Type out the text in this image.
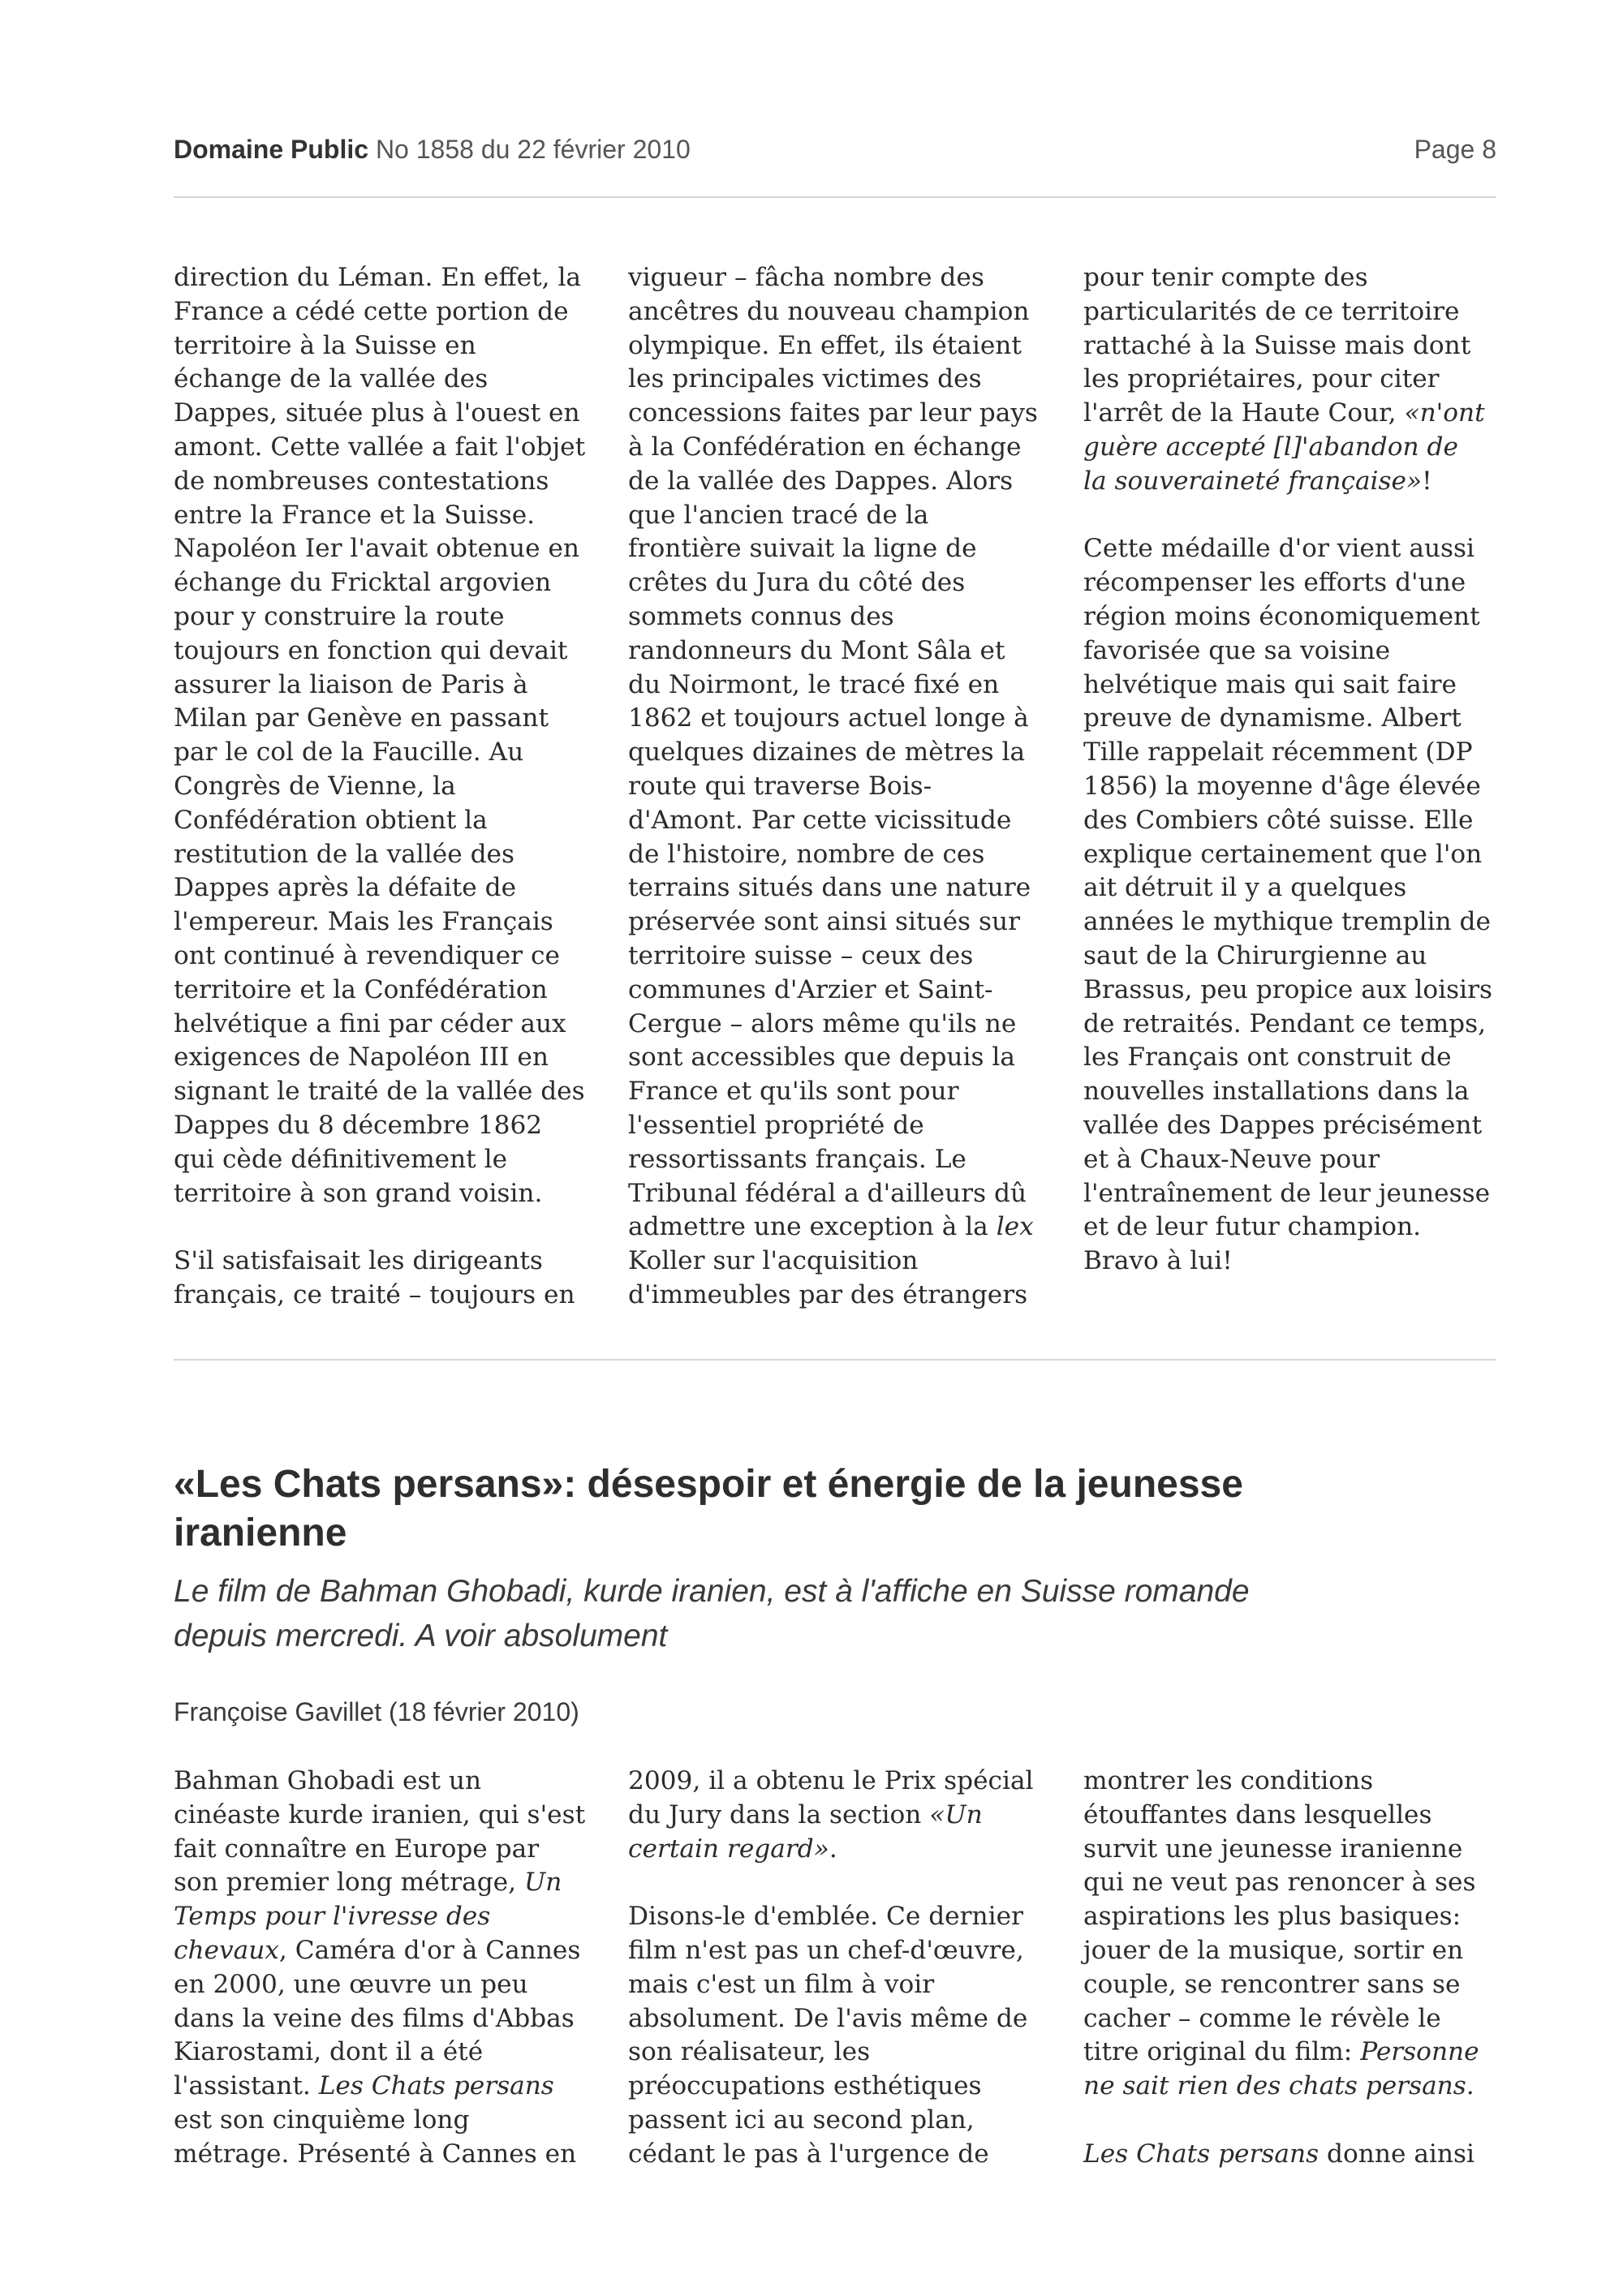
Domaine Public No 1858 du 22 février 2010	Page 8

direction du Léman. En effet, la
France a cédé cette portion de
territoire à la Suisse en
échange de la vallée des
Dappes, située plus à l'ouest en
amont. Cette vallée a fait l'objet
de nombreuses contestations
entre la France et la Suisse.
Napoléon Ier l'avait obtenue en
échange du Fricktal argovien
pour y construire la route
toujours en fonction qui devait
assurer la liaison de Paris à
Milan par Genève en passant
par le col de la Faucille. Au
Congrès de Vienne, la
Confédération obtient la
restitution de la vallée des
Dappes après la défaite de
l'empereur. Mais les Français
ont continué à revendiquer ce
territoire et la Confédération
helvétique a fini par céder aux
exigences de Napoléon III en
signant le traité de la vallée des
Dappes du 8 décembre 1862
qui cède définitivement le
territoire à son grand voisin.

S'il satisfaisait les dirigeants
français, ce traité – toujours en

vigueur – fâcha nombre des
ancêtres du nouveau champion
olympique. En effet, ils étaient
les principales victimes des
concessions faites par leur pays
à la Confédération en échange
de la vallée des Dappes. Alors
que l'ancien tracé de la
frontière suivait la ligne de
crêtes du Jura du côté des
sommets connus des
randonneurs du Mont Sâla et
du Noirmont, le tracé fixé en
1862 et toujours actuel longe à
quelques dizaines de mètres la
route qui traverse Bois-
d'Amont. Par cette vicissitude
de l'histoire, nombre de ces
terrains situés dans une nature
préservée sont ainsi situés sur
territoire suisse – ceux des
communes d'Arzier et Saint-
Cergue – alors même qu'ils ne
sont accessibles que depuis la
France et qu'ils sont pour
l'essentiel propriété de
ressortissants français. Le
Tribunal fédéral a d'ailleurs dû
admettre une exception à la lex
Koller sur l'acquisition
d'immeubles par des étrangers

pour tenir compte des
particularités de ce territoire
rattaché à la Suisse mais dont
les propriétaires, pour citer
l'arrêt de la Haute Cour, «n'ont
guère accepté [l]'abandon de
la souveraineté française»!

Cette médaille d'or vient aussi
récompenser les efforts d'une
région moins économiquement
favorisée que sa voisine
helvétique mais qui sait faire
preuve de dynamisme. Albert
Tille rappelait récemment (DP
1856) la moyenne d'âge élevée
des Combiers côté suisse. Elle
explique certainement que l'on
ait détruit il y a quelques
années le mythique tremplin de
saut de la Chirurgienne au
Brassus, peu propice aux loisirs
de retraités. Pendant ce temps,
les Français ont construit de
nouvelles installations dans la
vallée des Dappes précisément
et à Chaux-Neuve pour
l'entraînement de leur jeunesse
et de leur futur champion.
Bravo à lui!

«Les Chats persans»: désespoir et énergie de la jeunesse
iranienne
Le film de Bahman Ghobadi, kurde iranien, est à l'affiche en Suisse romande
depuis mercredi. A voir absolument
Françoise Gavillet (18 février 2010)

Bahman Ghobadi est un
cinéaste kurde iranien, qui s'est
fait connaître en Europe par
son premier long métrage, Un
Temps pour l'ivresse des
chevaux, Caméra d'or à Cannes
en 2000, une œuvre un peu
dans la veine des films d'Abbas
Kiarostami, dont il a été
l'assistant. Les Chats persans
est son cinquième long
métrage. Présenté à Cannes en

2009, il a obtenu le Prix spécial
du Jury dans la section «Un
certain regard».

Disons-le d'emblée. Ce dernier
film n'est pas un chef-d'œuvre,
mais c'est un film à voir
absolument. De l'avis même de
son réalisateur, les
préoccupations esthétiques
passent ici au second plan,
cédant le pas à l'urgence de

montrer les conditions
étouffantes dans lesquelles
survit une jeunesse iranienne
qui ne veut pas renoncer à ses
aspirations les plus basiques:
jouer de la musique, sortir en
couple, se rencontrer sans se
cacher – comme le révèle le
titre original du film: Personne
ne sait rien des chats persans.

Les Chats persans donne ainsi
